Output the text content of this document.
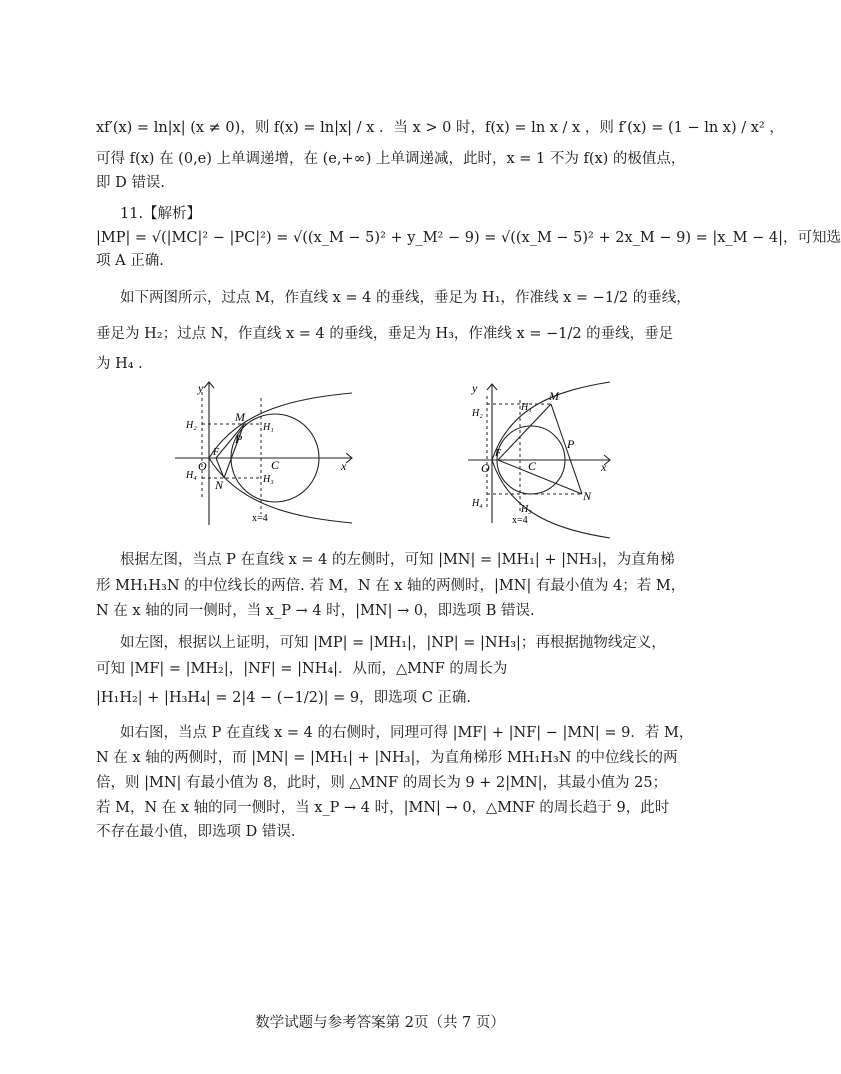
xf′(x) = ln|x| (x ≠ 0)，则 f(x) = ln|x| / x ．当 x > 0 时，f(x) = ln x / x ，则 f′(x) = (1 − ln x) / x² ，
可得 f(x) 在 (0,e) 上单调递增，在 (e,+∞) 上单调递减，此时，x = 1 不为 f(x) 的极值点，
即 D 错误.
11.【解析】
|MP| = √(|MC|² − |PC|²) = √((x_M − 5)² + y_M² − 9) = √((x_M − 5)² + 2x_M − 9) = |x_M − 4|，可知选
项 A 正确.
如下两图所示，过点 M，作直线 x = 4 的垂线，垂足为 H₁，作准线 x = −1/2 的垂线，
垂足为 H₂；过点 N，作直线 x = 4 的垂线，垂足为 H₃，作准线 x = −1/2 的垂线，垂足
为 H₄ .
y
x
O
F
C
M
P
N
H₁
H₂
H₃
H₄
x=4
y
x
O
F
C
M
P
N
H₁
H₂
H₃
H₄
x=4
根据左图，当点 P 在直线 x = 4 的左侧时，可知 |MN| = |MH₁| + |NH₃|，为直角梯
形 MH₁H₃N 的中位线长的两倍. 若 M，N 在 x 轴的两侧时，|MN| 有最小值为 4；若 M，
N 在 x 轴的同一侧时，当 x_P → 4 时，|MN| → 0，即选项 B 错误.
如左图，根据以上证明，可知 |MP| = |MH₁|，|NP| = |NH₃|；再根据抛物线定义，
可知 |MF| = |MH₂|，|NF| = |NH₄|．从而，△MNF 的周长为
|H₁H₂| + |H₃H₄| = 2|4 − (−1/2)| = 9，即选项 C 正确.
如右图，当点 P 在直线 x = 4 的右侧时，同理可得 |MF| + |NF| − |MN| = 9．若 M，
N 在 x 轴的两侧时，而 |MN| = |MH₁| + |NH₃|，为直角梯形 MH₁H₃N 的中位线长的两
倍，则 |MN| 有最小值为 8，此时，则 △MNF 的周长为 9 + 2|MN|，其最小值为 25；
若 M，N 在 x 轴的同一侧时，当 x_P → 4 时，|MN| → 0，△MNF 的周长趋于 9，此时
不存在最小值，即选项 D 错误.
数学试题与参考答案第 2页（共 7 页）
